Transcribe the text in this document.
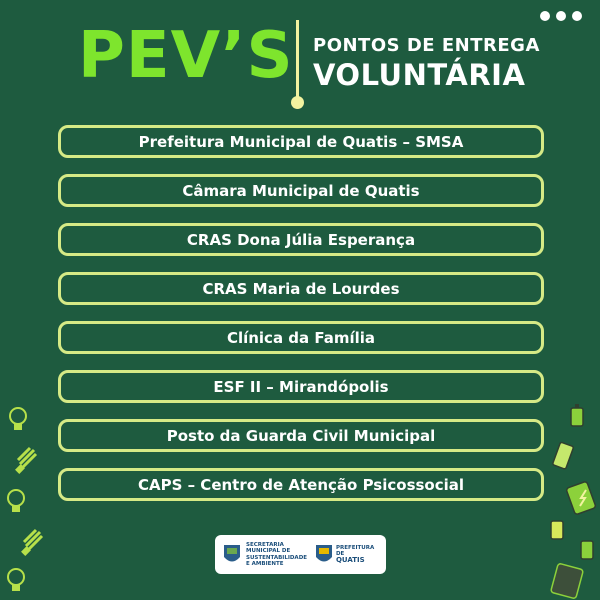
PEV’S PONTOS DE ENTREGA
VOLUNTÁRIA
Prefeitura Municipal de Quatis – SMSA
Câmara Municipal de Quatis
CRAS Dona Júlia Esperança
CRAS Maria de Lourdes
Clínica da Família
ESF II – Mirandópolis
Posto da Guarda Civil Municipal
CAPS – Centro de Atenção Psicossocial
SECRETARIA
MUNICIPAL DE
SUSTENTABILIDADE
E AMBIENTE
PREFEITURA DE
QUATIS
